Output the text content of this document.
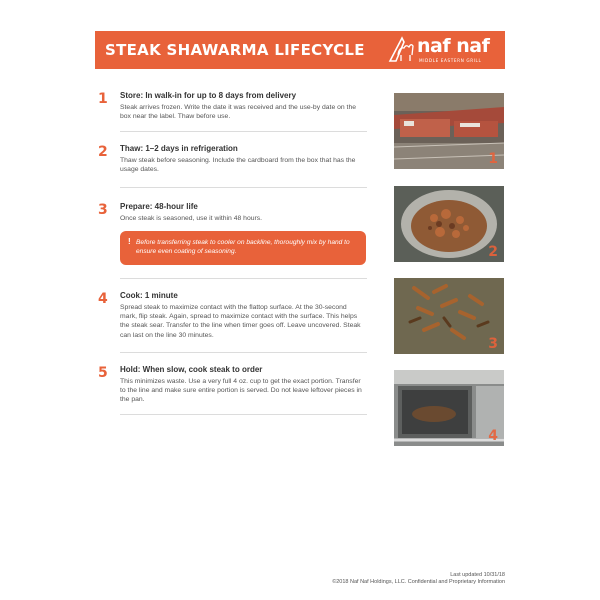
STEAK SHAWARMA LIFECYCLE	naf naf
MIDDLE EASTERN GRILL
1 Store: In walk-in for up to 8 days from delivery
Steak arrives frozen. Write the date it was received and the use-by date on the box near the label. Thaw before use.
2 Thaw: 1–2 days in refrigeration
Thaw steak before seasoning. Include the cardboard from the box that has the usage dates.
3 Prepare: 48-hour life
Once steak is seasoned, use it within 48 hours.
! Before transferring steak to cooler on backline, thoroughly mix by hand to ensure even coating of seasoning.
4 Cook: 1 minute
Spread steak to maximize contact with the flattop surface. At the 30-second mark, flip steak. Again, spread to maximize contact with the surface. This helps the steak sear. Transfer to the line when timer goes off. Leave uncovered. Steak can last on the line 30 minutes.
5 Hold: When slow, cook steak to order
This minimizes waste. Use a very full 4 oz. cup to get the exact portion. Transfer to the line and make sure entire portion is served. Do not leave leftover pieces in the pan.
1
2
3
4
Last updated 10/31/18
©2018 Naf Naf Holdings, LLC. Confidential and Proprietary Information
